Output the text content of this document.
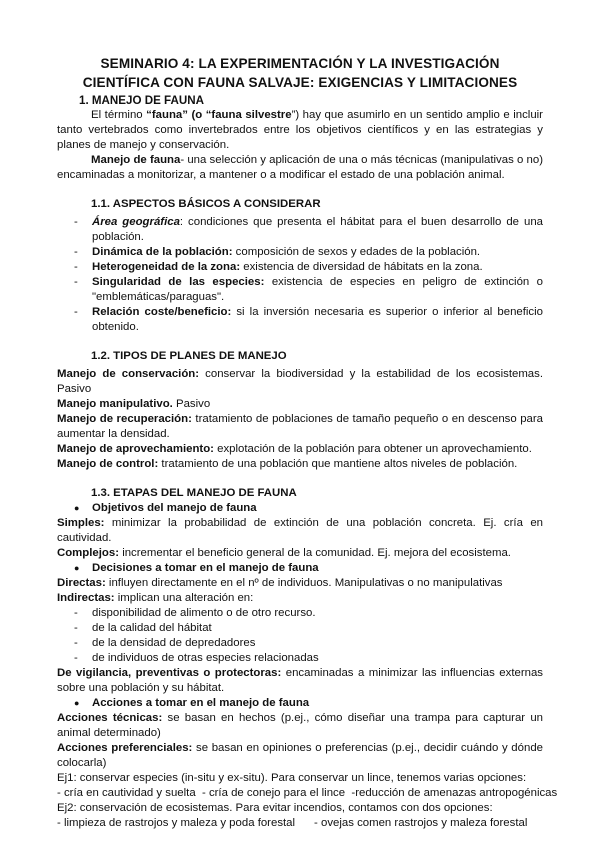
SEMINARIO 4: LA EXPERIMENTACIÓN Y LA INVESTIGACIÓN
CIENTÍFICA CON FAUNA SALVAJE: EXIGENCIAS Y LIMITACIONES
1. MANEJO DE FAUNA

El término “fauna” (o “fauna silvestre”) hay que asumirlo en un sentido amplio e incluir tanto vertebrados como invertebrados entre los objetivos científicos y en las estrategias y planes de manejo y conservación.

Manejo de fauna- una selección y aplicación de una o más técnicas (manipulativas o no) encaminadas a monitorizar, a mantener o a modificar el estado de una población animal.

1.1. ASPECTOS BÁSICOS A CONSIDERAR
- Área geográfica: condiciones que presenta el hábitat para el buen desarrollo de una población.
- Dinámica de la población: composición de sexos y edades de la población.
- Heterogeneidad de la zona: existencia de diversidad de hábitats en la zona.
- Singularidad de las especies: existencia de especies en peligro de extinción o "emblemáticas/paraguas".
- Relación coste/beneficio: si la inversión necesaria es superior o inferior al beneficio obtenido.
1.2. TIPOS DE PLANES DE MANEJO

Manejo de conservación: conservar la biodiversidad y la estabilidad de los ecosistemas. Pasivo

Manejo manipulativo. Pasivo

Manejo de recuperación: tratamiento de poblaciones de tamaño pequeño o en descenso para aumentar la densidad.

Manejo de aprovechamiento: explotación de la población para obtener un aprovechamiento.

Manejo de control: tratamiento de una población que mantiene altos niveles de población.

1.3. ETAPAS DEL MANEJO DE FAUNA
● Objetivos del manejo de fauna

Simples: minimizar la probabilidad de extinción de una población concreta. Ej. cría en cautividad.

Complejos: incrementar el beneficio general de la comunidad. Ej. mejora del ecosistema.

● Decisiones a tomar en el manejo de fauna

Directas: influyen directamente en el nº de individuos. Manipulativas o no manipulativas

Indirectas: implican una alteración en:

- disponibilidad de alimento o de otro recurso.
- de la calidad del hábitat
- de la densidad de depredadores
- de individuos de otras especies relacionadas

De vigilancia, preventivas o protectoras: encaminadas a minimizar las influencias externas sobre una población y su hábitat.

● Acciones a tomar en el manejo de fauna

Acciones técnicas: se basan en hechos (p.ej., cómo diseñar una trampa para capturar un animal determinado)

Acciones preferenciales: se basan en opiniones o preferencias (p.ej., decidir cuándo y dónde colocarla)

Ej1: conservar especies (in-situ y ex-situ). Para conservar un lince, tenemos varias opciones:

- cría en cautividad y suelta  - cría de conejo para el lince  -reducción de amenazas antropogénicas

Ej2: conservación de ecosistemas. Para evitar incendios, contamos con dos opciones:

- limpieza de rastrojos y maleza y poda forestal      - ovejas comen rastrojos y maleza forestal
